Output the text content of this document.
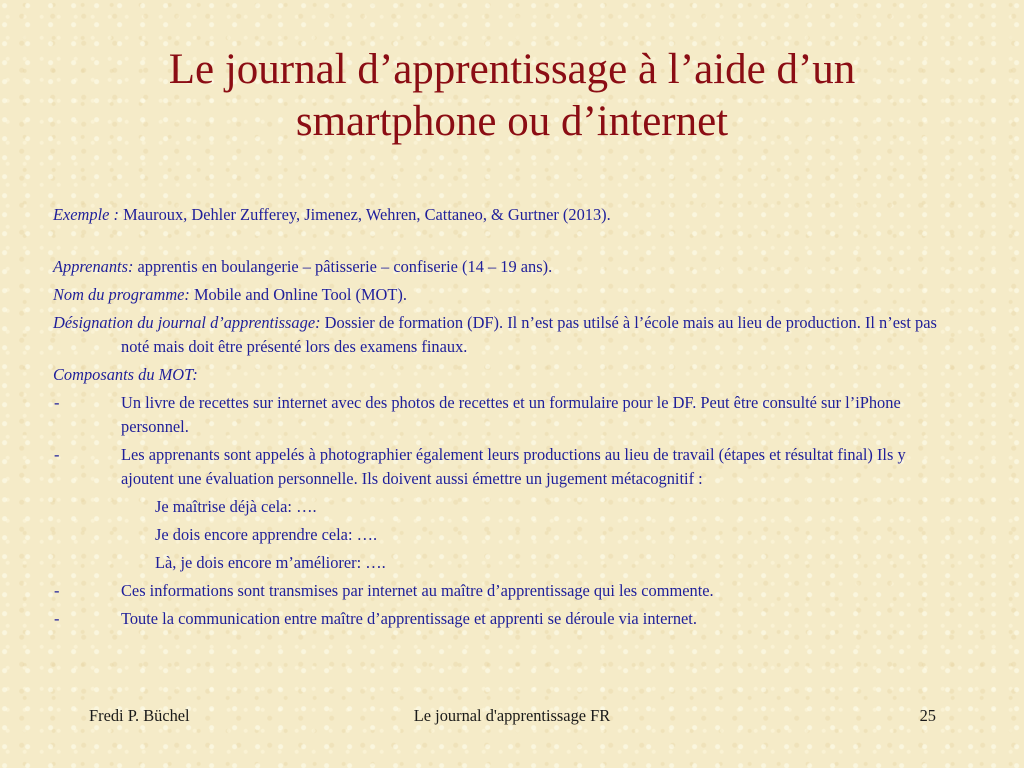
Le journal d’apprentissage à l’aide d’un
smartphone ou d’internet

Exemple : Mauroux, Dehler Zufferey, Jimenez, Wehren, Cattaneo, & Gurtner (2013).

Apprenants: apprentis en boulangerie – pâtisserie – confiserie (14 – 19 ans).

Nom du programme: Mobile and Online Tool (MOT).

Désignation du journal d’apprentissage: Dossier de formation (DF). Il n’est pas utilsé à l’école mais au lieu de production. Il n’est pas noté mais doit être présenté lors des examens finaux.

Composants du MOT:

-	Un livre de recettes sur internet avec des photos de recettes et un formulaire pour le DF. Peut être consulté sur l’iPhone personnel.
-	Les apprenants sont appelés à photographier également leurs productions au lieu de travail (étapes et résultat final) Ils y ajoutent une évaluation personnelle. Ils doivent aussi émettre un jugement métacognitif :

Je maîtrise déjà cela: ….

Je dois encore apprendre cela: ….

Là, je dois encore m’améliorer: ….

-	Ces informations sont transmises par internet au maître d’apprentissage qui les commente.
-	Toute la communication entre maître d’apprentissage et apprenti se déroule via internet.
Le journal d'apprentissage FR
Fredi P. Büchel	25
